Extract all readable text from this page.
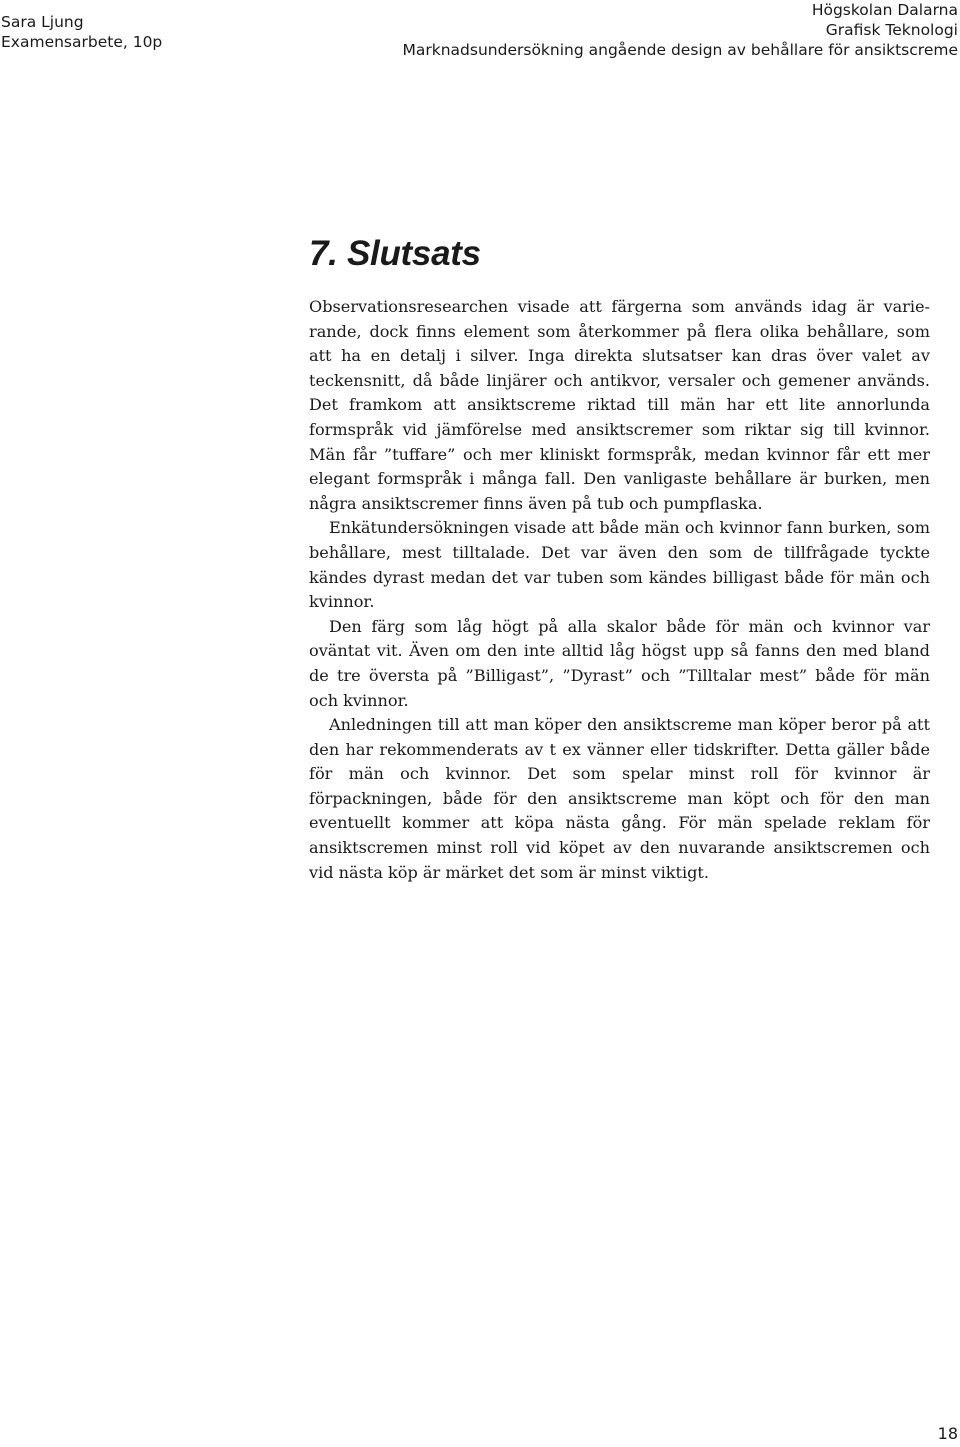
Sara Ljung
Examensarbete, 10p
Högskolan Dalarna
Grafisk Teknologi
Marknadsundersökning angående design av behållare för ansiktscreme
7. Slutsats

Observationsresearchen visade att färgerna som används idag är varierande, dock finns element som återkommer på flera olika behållare, som att ha en detalj i silver. Inga direkta slutsatser kan dras över valet av teckensnitt, då både linjärer och antikvor, versaler och gemener används. Det framkom att ansiktscreme riktad till män har ett lite annorlunda formspråk vid jämförelse med ansiktscremer som riktar sig till kvinnor. Män får ”tuffare” och mer kliniskt formspråk, medan kvinnor får ett mer elegant formspråk i många fall. Den vanligaste behållare är burken, men några ansiktscremer finns även på tub och pumpflaska.

Enkätundersökningen visade att både män och kvinnor fann burken, som behållare, mest tilltalade. Det var även den som de tillfrågade tyckte kändes dyrast medan det var tuben som kändes billigast både för män och kvinnor.

Den färg som låg högt på alla skalor både för män och kvinnor var oväntat vit. Även om den inte alltid låg högst upp så fanns den med bland de tre översta på ”Billigast”, ”Dyrast” och ”Tilltalar mest” både för män och kvinnor.

Anledningen till att man köper den ansiktscreme man köper beror på att den har rekommenderats av t ex vänner eller tidskrifter. Detta gäller både för män och kvinnor. Det som spelar minst roll för kvinnor är förpackningen, både för den ansiktscreme man köpt och för den man eventuellt kommer att köpa nästa gång. För män spelade reklam för ansiktscremen minst roll vid köpet av den nuvarande ansiktscremen och vid nästa köp är märket det som är minst viktigt.

18
